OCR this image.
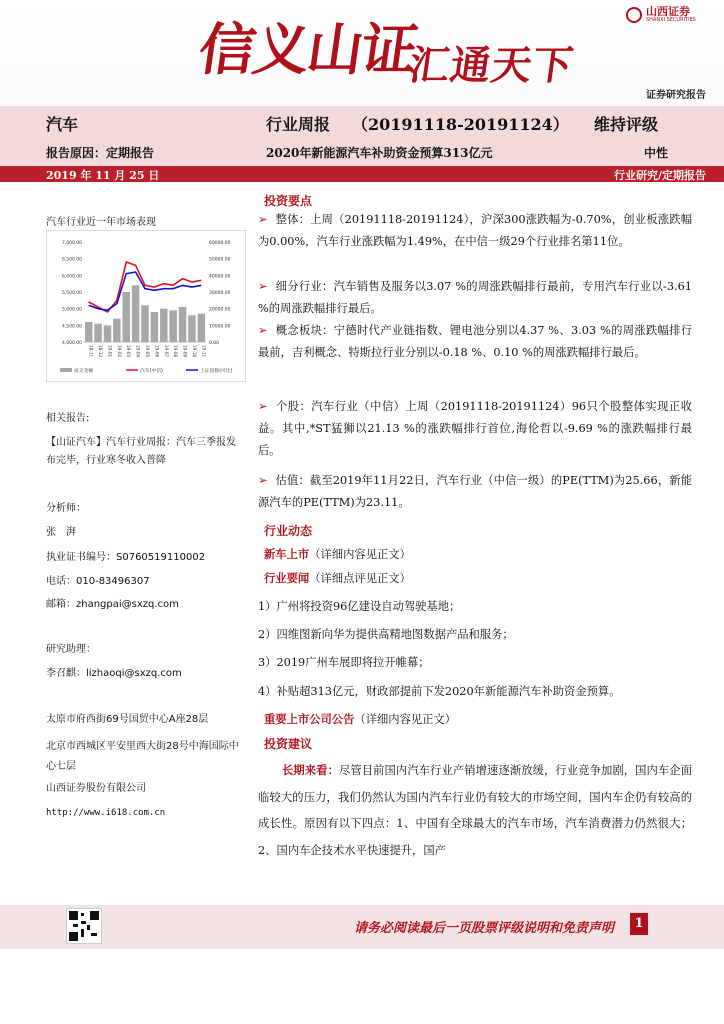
信义山证
汇通天下
山西证券
SHANXI SECURITIES
证券研究报告
汽车	行业周报 （20191118-20191124） 维持评级
报告原因：定期报告	2020年新能源汽车补助资金预算313亿元	中性
2019 年 11 月 25 日	行业研究/定期报告
汽车行业近一年市场表现
4,000.00
4,500.00
5,000.00
5,500.00
6,000.00
6,500.00
7,000.00
0.00
10000.00
20000.00
30000.00
40000.00
50000.00
60000.00
18-11 18-12 19-01 19-02 19-03 19-04 19-05 19-06 19-07 19-08 19-09 19-10 19-11
成交金额	汽车(中信)	上证指数(可比)
相关报告:
【山证汽车】汽车行业周报：汽车三季报发布完毕，行业寒冬收入普降
分析师：
张　湃
执业证书编号：S0760519110002
电话：010-83496307
邮箱：zhangpai@sxzq.com
研究助理：
李召麒：lizhaoqi@sxzq.com
太原市府西街69号国贸中心A座28层
北京市西城区平安里西大街28号中海国际中心七层
山西证券股份有限公司
http://www.i618.com.cn
投资要点
➢ 整体：上周（20191118-20191124），沪深300涨跌幅为-0.70%，创业板涨跌幅为0.00%，汽车行业涨跌幅为1.49%，在中信一级29个行业排名第11位。
➢ 细分行业：汽车销售及服务以3.07 %的周涨跌幅排行最前，专用汽车行业以-3.61 %的周涨跌幅排行最后。
➢ 概念板块：宁德时代产业链指数、锂电池分别以4.37 %、3.03 %的周涨跌幅排行最前，吉利概念、特斯拉行业分别以-0.18 %、0.10 %的周涨跌幅排行最后。
➢ 个股：汽车行业（中信）上周（20191118-20191124）96只个股整体实现正收益。其中,*ST猛狮以21.13 %的涨跌幅排行首位,海伦哲以-9.69 %的涨跌幅排行最后。
➢ 估值：截至2019年11月22日，汽车行业（中信一级）的PE(TTM)为25.66，新能源汽车的PE(TTM)为23.11。
行业动态
新车上市（详细内容见正文）
行业要闻（详细点评见正文）
1）广州将投资96亿建设自动驾驶基地；
2）四维图新向华为提供高精地图数据产品和服务；
3）2019广州车展即将拉开帷幕；
4）补贴超313亿元，财政部提前下发2020年新能源汽车补助资金预算。
重要上市公司公告（详细内容见正文）
投资建议
长期来看：尽管目前国内汽车行业产销增速逐渐放缓，行业竞争加剧，国内车企面临较大的压力，我们仍然认为国内汽车行业仍有较大的市场空间，国内车企仍有较高的成长性。原因有以下四点：1、中国有全球最大的汽车市场，汽车消费潜力仍然很大；2、国内车企技术水平快速提升，国产
请务必阅读最后一页股票评级说明和免责声明	1
